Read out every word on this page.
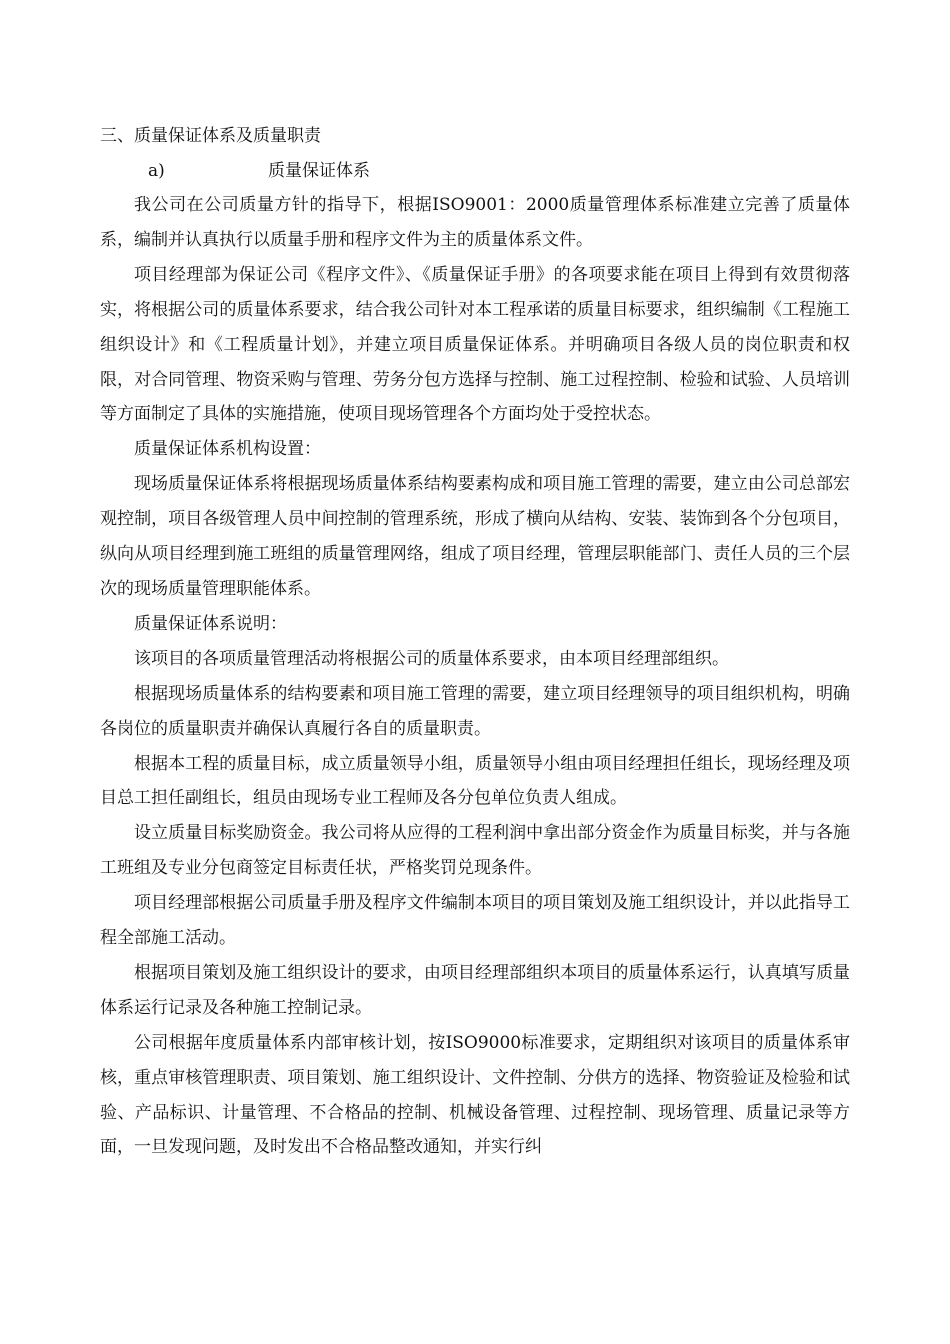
三、质量保证体系及质量职责
a)	质量保证体系

我公司在公司质量方针的指导下，根据ISO9001：2000质量管理体系标准建立完善了质量体系，编制并认真执行以质量手册和程序文件为主的质量体系文件。

项目经理部为保证公司《程序文件》、《质量保证手册》的各项要求能在项目上得到有效贯彻落实，将根据公司的质量体系要求，结合我公司针对本工程承诺的质量目标要求，组织编制《工程施工组织设计》和《工程质量计划》，并建立项目质量保证体系。并明确项目各级人员的岗位职责和权限，对合同管理、物资采购与管理、劳务分包方选择与控制、施工过程控制、检验和试验、人员培训等方面制定了具体的实施措施，使项目现场管理各个方面均处于受控状态。

质量保证体系机构设置：

现场质量保证体系将根据现场质量体系结构要素构成和项目施工管理的需要，建立由公司总部宏观控制，项目各级管理人员中间控制的管理系统，形成了横向从结构、安装、装饰到各个分包项目，纵向从项目经理到施工班组的质量管理网络，组成了项目经理，管理层职能部门、责任人员的三个层次的现场质量管理职能体系。

质量保证体系说明：

该项目的各项质量管理活动将根据公司的质量体系要求，由本项目经理部组织。

根据现场质量体系的结构要素和项目施工管理的需要，建立项目经理领导的项目组织机构，明确各岗位的质量职责并确保认真履行各自的质量职责。

根据本工程的质量目标，成立质量领导小组，质量领导小组由项目经理担任组长，现场经理及项目总工担任副组长，组员由现场专业工程师及各分包单位负责人组成。

设立质量目标奖励资金。我公司将从应得的工程利润中拿出部分资金作为质量目标奖，并与各施工班组及专业分包商签定目标责任状，严格奖罚兑现条件。

项目经理部根据公司质量手册及程序文件编制本项目的项目策划及施工组织设计，并以此指导工程全部施工活动。

根据项目策划及施工组织设计的要求，由项目经理部组织本项目的质量体系运行，认真填写质量体系运行记录及各种施工控制记录。

公司根据年度质量体系内部审核计划，按ISO9000标准要求，定期组织对该项目的质量体系审核，重点审核管理职责、项目策划、施工组织设计、文件控制、分供方的选择、物资验证及检验和试验、产品标识、计量管理、不合格品的控制、机械设备管理、过程控制、现场管理、质量记录等方面，一旦发现问题，及时发出不合格品整改通知，并实行纠
